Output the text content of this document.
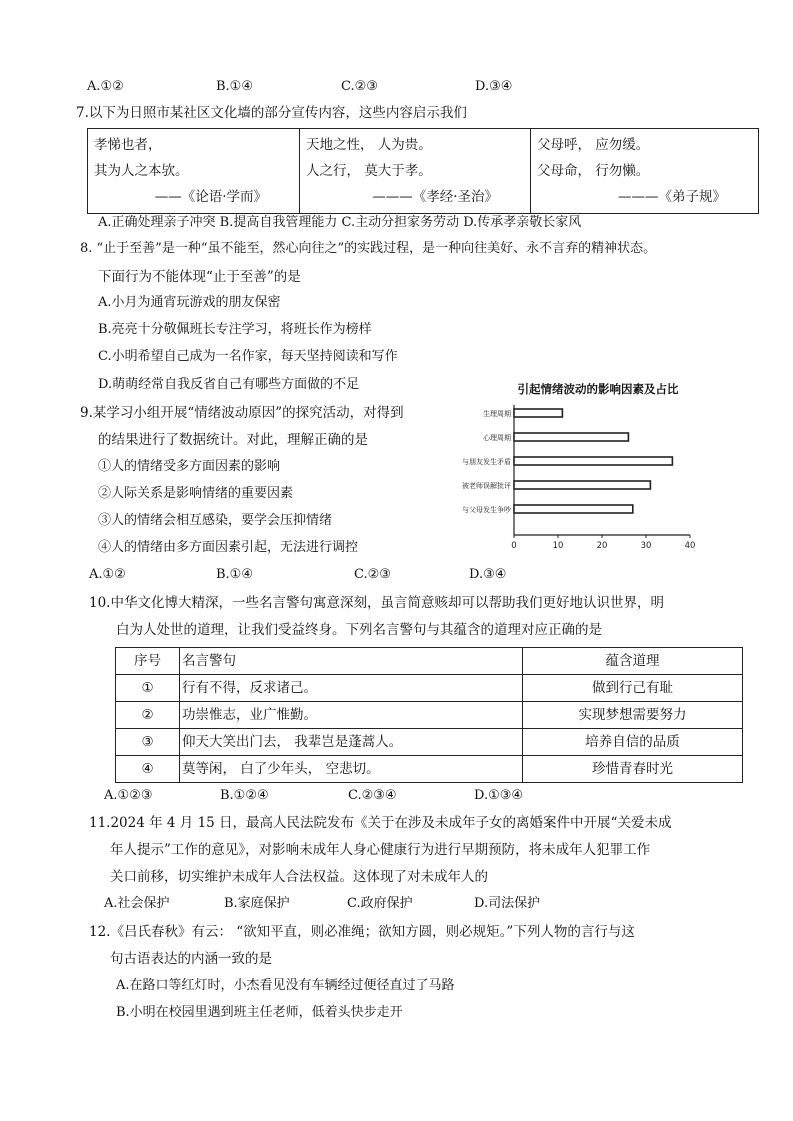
A.①②	B.①④	C.②③	D.③④
7.以下为日照市某社区文化墙的部分宣传内容，这些内容启示我们
孝悌也者，
其为人之本欤。
——《论语·学而》

天地之性， 人为贵。
人之行， 莫大于孝。
———《孝经·圣治》

父母呼， 应勿缓。
父母命， 行勿懒。
———《弟子规》
A.正确处理亲子冲突 B.提高自我管理能力 C.主动分担家务劳动 D.传承孝亲敬长家风
8. “止于至善”是一种“虽不能至，然心向往之”的实践过程，是一种向往美好、永不言弃的精神状态。
下面行为不能体现“止于至善”的是
A.小月为通宵玩游戏的朋友保密
B.亮亮十分敬佩班长专注学习，将班长作为榜样
C.小明希望自己成为一名作家，每天坚持阅读和写作
D.萌萌经常自我反省自己有哪些方面做的不足
9.某学习小组开展“情绪波动原因”的探究活动，对得到
的结果进行了数据统计。对此，理解正确的是
①人的情绪受多方面因素的影响
②人际关系是影响情绪的重要因素
③人的情绪会相互感染，要学会压抑情绪
④人的情绪由多方面因素引起，无法进行调控
A.①②	B.①④	C.②③	D.③④
引起情绪波动的影响因素及占比
生理周期
心理周期
与朋友发生矛盾
被老师误解批评
与父母发生争吵
0	10	20	30	40
10.中华文化博大精深，一些名言警句寓意深刻，虽言简意赅却可以帮助我们更好地认识世界，明
白为人处世的道理，让我们受益终身。下列名言警句与其蕴含的道理对应正确的是
序号	名言警句	蕴含道理
①	行有不得，反求诸己。	做到行己有耻
②	功崇惟志，业广惟勤。	实现梦想需要努力
③	仰天大笑出门去， 我辈岂是蓬蒿人。	培养自信的品质
④	莫等闲， 白了少年头， 空悲切。	珍惜青春时光
A.①②③	B.①②④	C.②③④	D.①③④
11.2024 年 4 月 15 日，最高人民法院发布《关于在涉及未成年子女的离婚案件中开展“关爱未成
年人提示”工作的意见》，对影响未成年人身心健康行为进行早期预防，将未成年人犯罪工作
关口前移，切实维护未成年人合法权益。这体现了对未成年人的
A.社会保护	B.家庭保护	C.政府保护	D.司法保护
12.《吕氏春秋》有云： “欲知平直，则必准绳；欲知方圆，则必规矩。”下列人物的言行与这
句古语表达的内涵一致的是
A.在路口等红灯时，小杰看见没有车辆经过便径直过了马路
B.小明在校园里遇到班主任老师，低着头快步走开
